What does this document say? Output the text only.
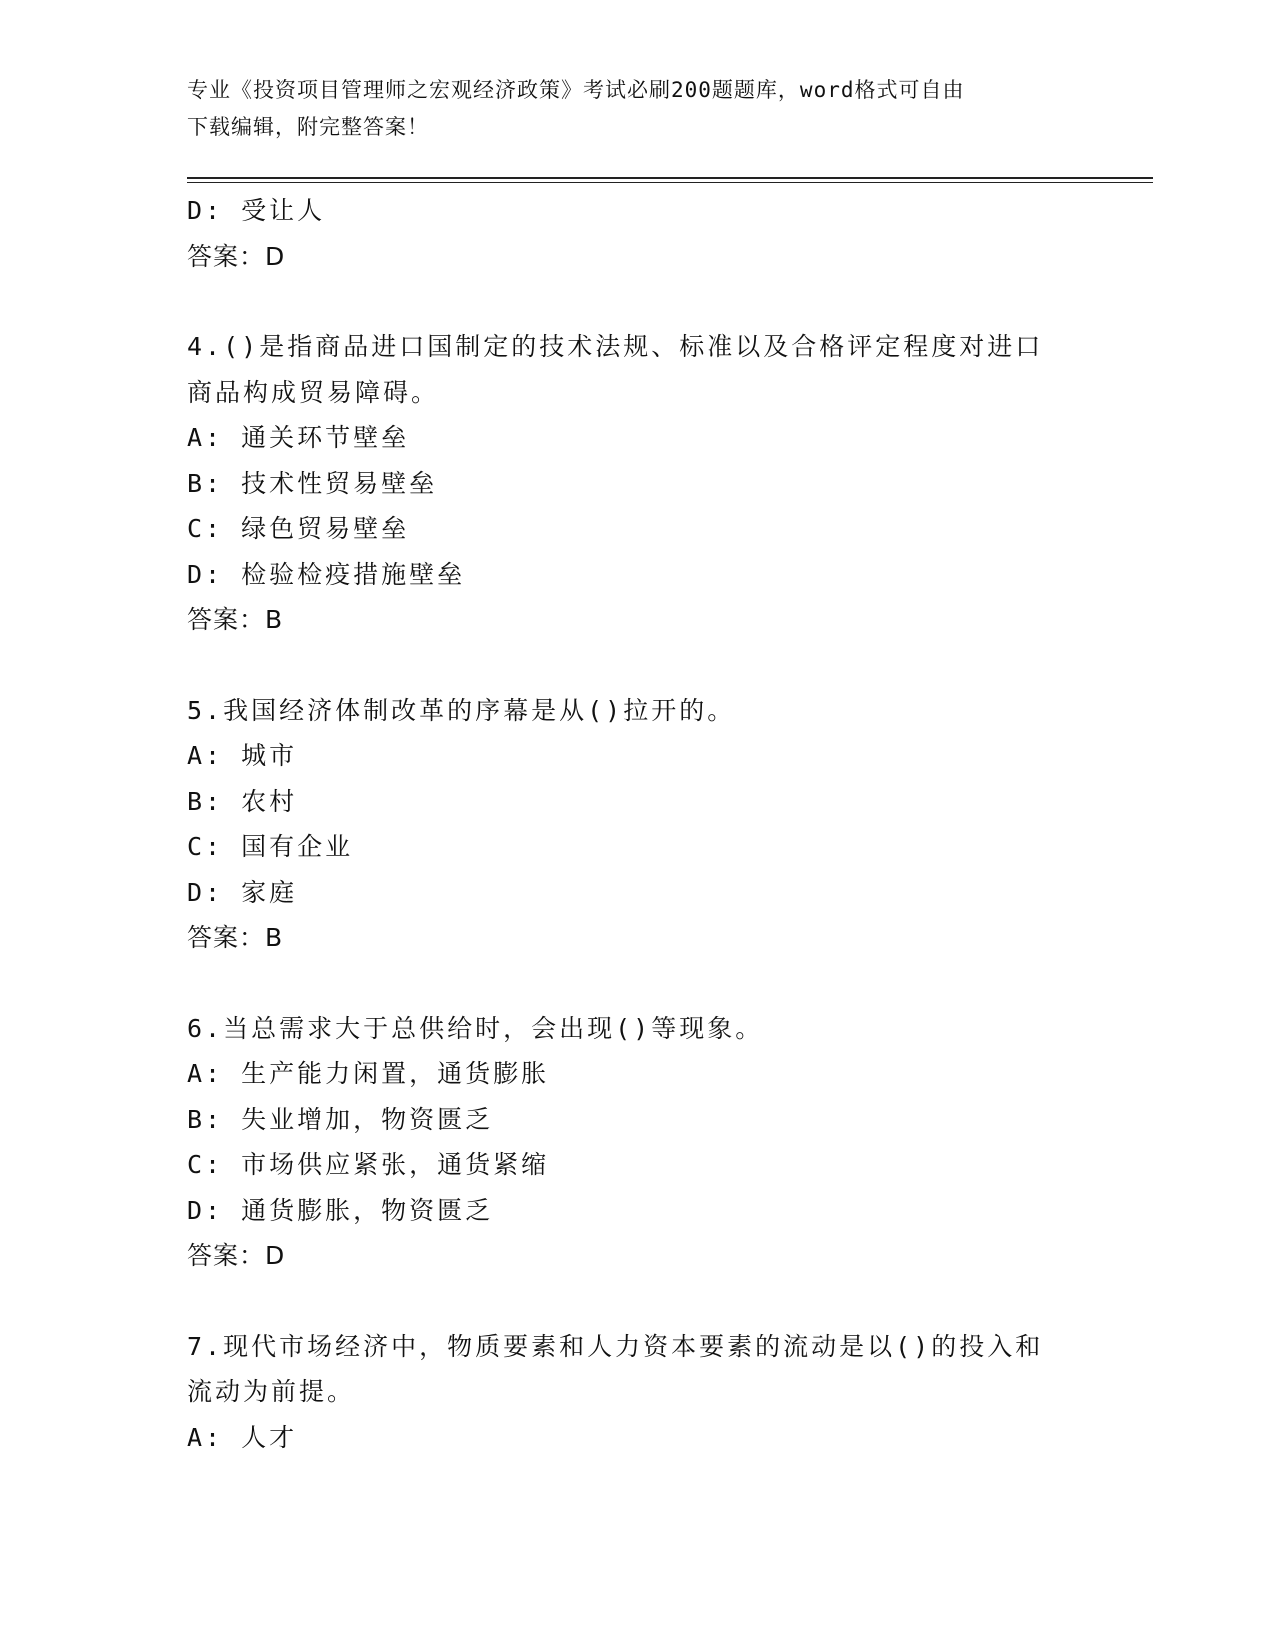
专业《投资项目管理师之宏观经济政策》考试必刷200题题库，word格式可自由
下载编辑，附完整答案！
D: 受让人
答案：D
4.()是指商品进口国制定的技术法规、标准以及合格评定程度对进口
商品构成贸易障碍。
A: 通关环节壁垒
B: 技术性贸易壁垒
C: 绿色贸易壁垒
D: 检验检疫措施壁垒
答案：B
5.我国经济体制改革的序幕是从()拉开的。
A: 城市
B: 农村
C: 国有企业
D: 家庭
答案：B
6.当总需求大于总供给时，会出现()等现象。
A: 生产能力闲置，通货膨胀
B: 失业增加，物资匮乏
C: 市场供应紧张，通货紧缩
D: 通货膨胀，物资匮乏
答案：D
7.现代市场经济中，物质要素和人力资本要素的流动是以()的投入和
流动为前提。
A: 人才
